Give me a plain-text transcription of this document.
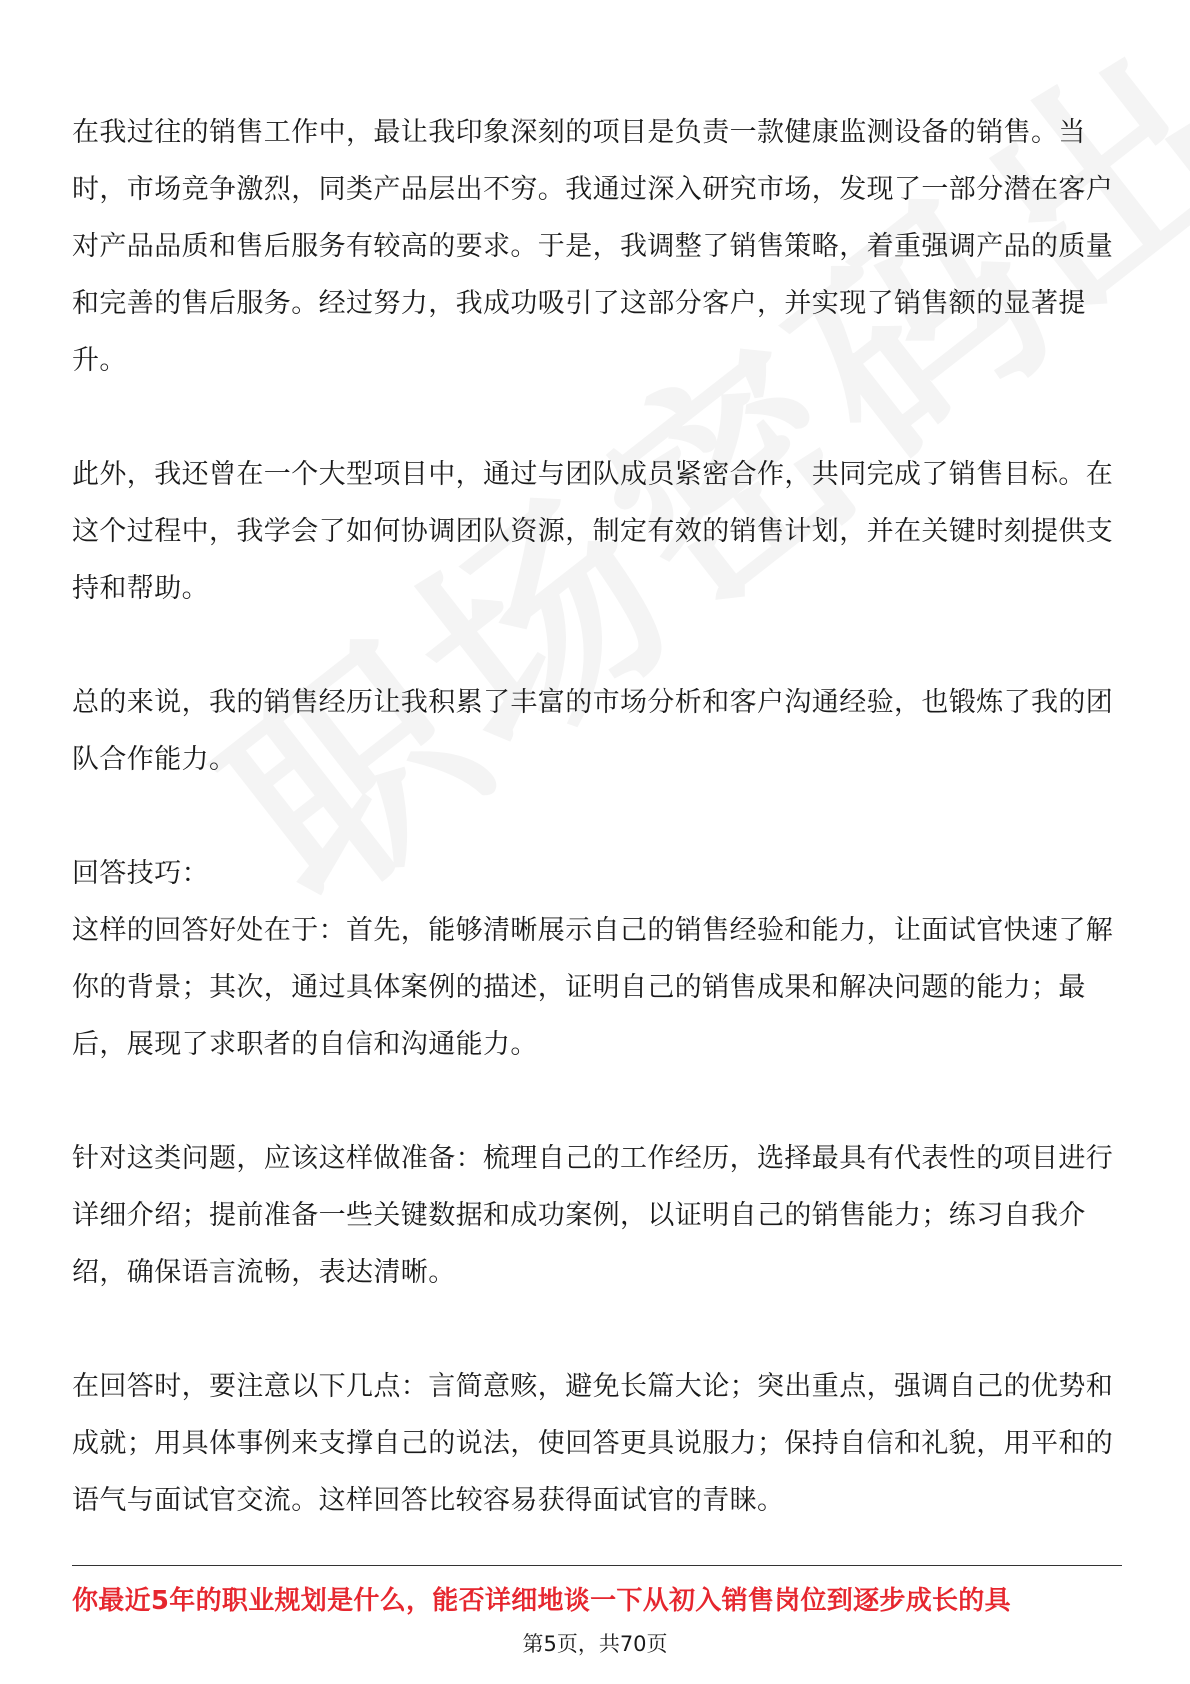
在我过往的销售工作中，最让我印象深刻的项目是负责一款健康监测设备的销售。当时，市场竞争激烈，同类产品层出不穷。我通过深入研究市场，发现了一部分潜在客户对产品品质和售后服务有较高的要求。于是，我调整了销售策略，着重强调产品的质量和完善的售后服务。经过努力，我成功吸引了这部分客户，并实现了销售额的显著提升。

此外，我还曾在一个大型项目中，通过与团队成员紧密合作，共同完成了销售目标。在这个过程中，我学会了如何协调团队资源，制定有效的销售计划，并在关键时刻提供支持和帮助。

总的来说，我的销售经历让我积累了丰富的市场分析和客户沟通经验，也锻炼了我的团队合作能力。

回答技巧：

这样的回答好处在于：首先，能够清晰展示自己的销售经验和能力，让面试官快速了解你的背景；其次，通过具体案例的描述，证明自己的销售成果和解决问题的能力；最后，展现了求职者的自信和沟通能力。

针对这类问题，应该这样做准备：梳理自己的工作经历，选择最具有代表性的项目进行详细介绍；提前准备一些关键数据和成功案例，以证明自己的销售能力；练习自我介绍，确保语言流畅，表达清晰。

在回答时，要注意以下几点：言简意赅，避免长篇大论；突出重点，强调自己的优势和成就；用具体事例来支撑自己的说法，使回答更具说服力；保持自信和礼貌，用平和的语气与面试官交流。这样回答比较容易获得面试官的青睐。

你最近5年的职业规划是什么，能否详细地谈一下从初入销售岗位到逐步成长的具
第5页，共70页
